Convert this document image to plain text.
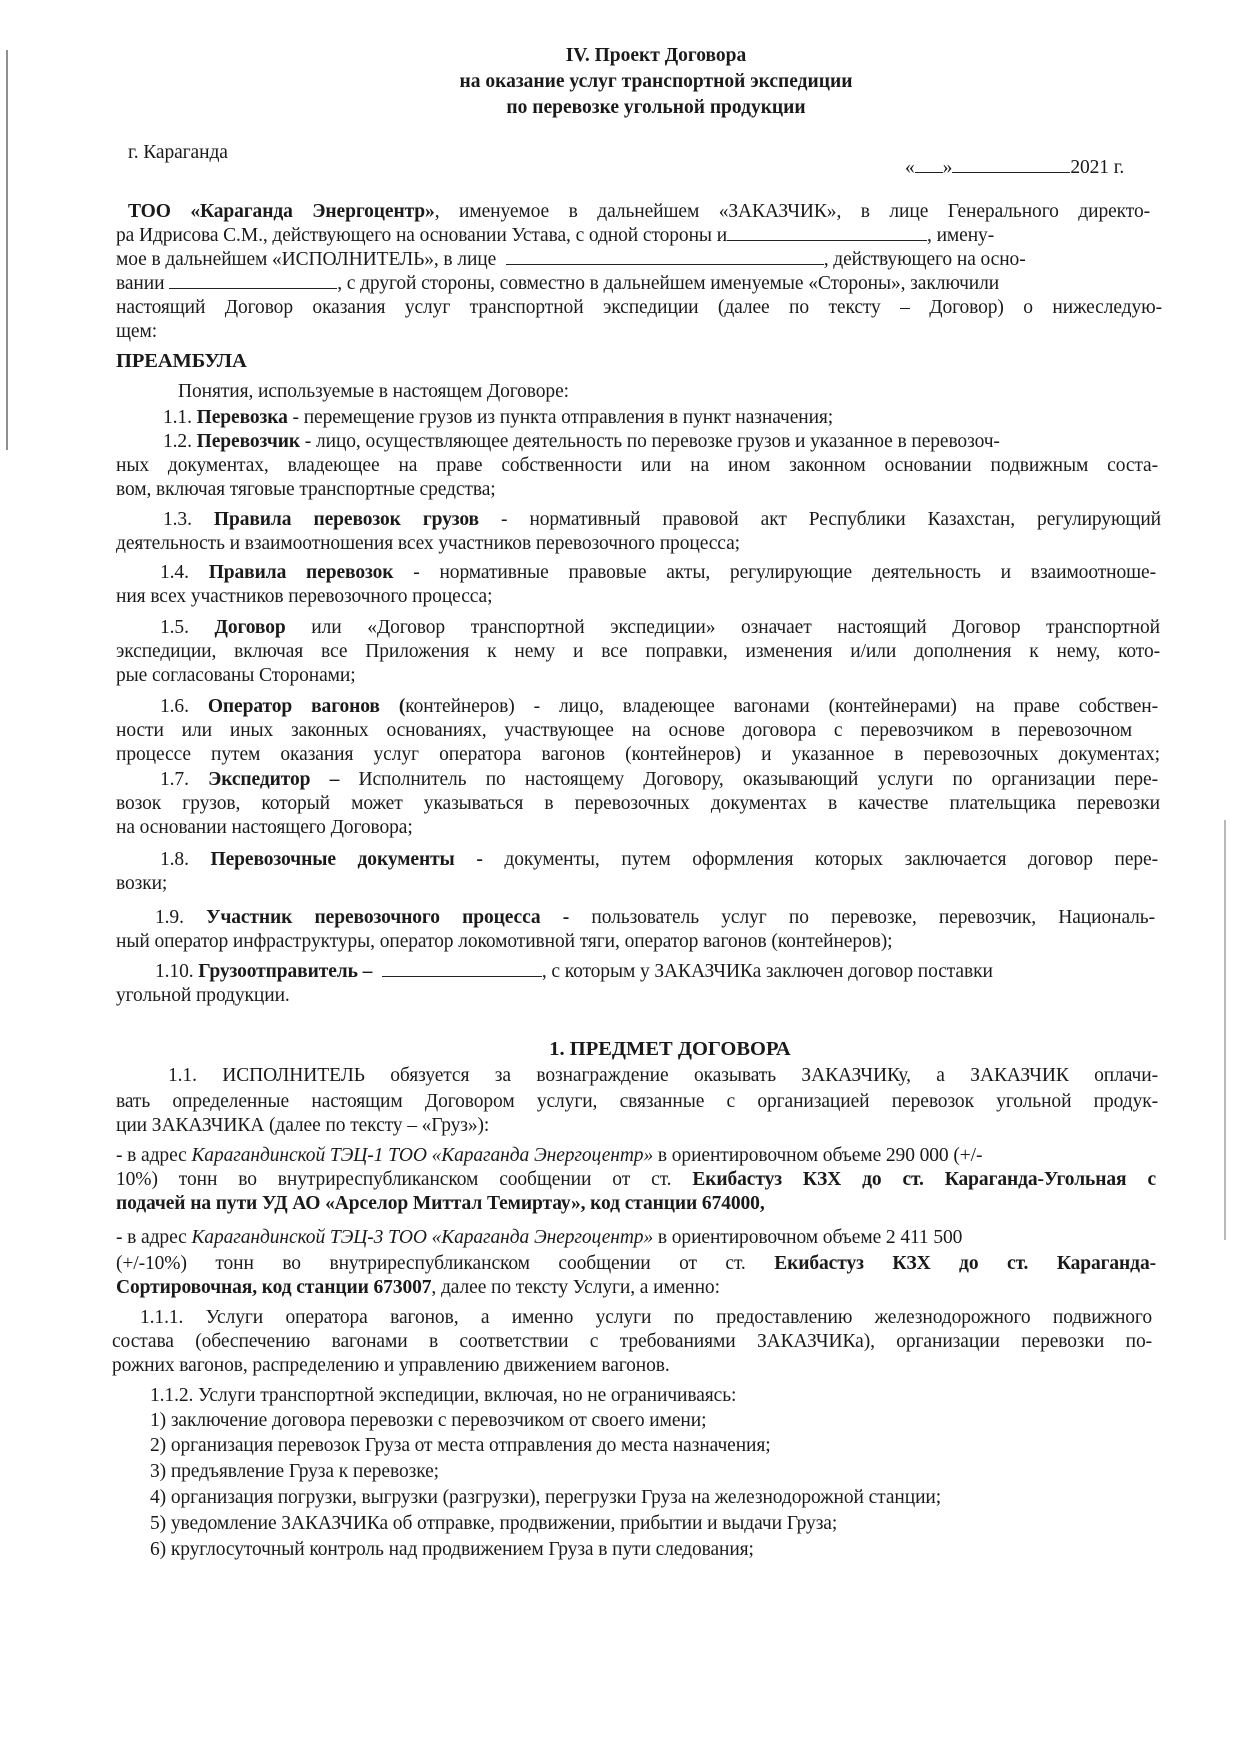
IV. Проект Договора
на оказание услуг транспортной экспедиции
по перевозке угольной продукции
г. Караганда
« »	2021 г.
ТОО «Караганда Энергоцентр», именуемое в дальнейшем «ЗАКАЗЧИК», в лице Генерального директо-
ра Идрисова С.М., действующего на основании Устава, с одной стороны и	, имену-
мое в дальнейшем «ИСПОЛНИТЕЛЬ», в лице	, действующего на осно-
вании	, с другой стороны, совместно в дальнейшем именуемые «Стороны», заключили
настоящий Договор оказания услуг транспортной экспедиции (далее по тексту – Договор) о нижеследую-
щем:
ПРЕАМБУЛА
Понятия, используемые в настоящем Договоре:
1.1. Перевозка - перемещение грузов из пункта отправления в пункт назначения;
1.2. Перевозчик - лицо, осуществляющее деятельность по перевозке грузов и указанное в перевозоч-
ных документах, владеющее на праве собственности или на ином законном основании подвижным соста-
вом, включая тяговые транспортные средства;
1.3. Правила перевозок грузов - нормативный правовой акт Республики Казахстан, регулирующий
деятельность и взаимоотношения всех участников перевозочного процесса;
1.4. Правила перевозок - нормативные правовые акты, регулирующие деятельность и взаимоотноше-
ния всех участников перевозочного процесса;
1.5. Договор или «Договор транспортной экспедиции» означает настоящий Договор транспортной
экспедиции, включая все Приложения к нему и все поправки, изменения и/или дополнения к нему, кото-
рые согласованы Сторонами;
1.6. Оператор вагонов (контейнеров) - лицо, владеющее вагонами (контейнерами) на праве собствен-
ности или иных законных основаниях, участвующее на основе договора с перевозчиком в перевозочном
процессе путем оказания услуг оператора вагонов (контейнеров) и указанное в перевозочных документах;
1.7. Экспедитор – Исполнитель по настоящему Договору, оказывающий услуги по организации пере-
возок грузов, который может указываться в перевозочных документах в качестве плательщика перевозки
на основании настоящего Договора;
1.8. Перевозочные документы - документы, путем оформления которых заключается договор пере-
возки;
1.9. Участник перевозочного процесса - пользователь услуг по перевозке, перевозчик, Националь-
ный оператор инфраструктуры, оператор локомотивной тяги, оператор вагонов (контейнеров);
1.10. Грузоотправитель –	, с которым у ЗАКАЗЧИКа заключен договор поставки
угольной продукции.
1. ПРЕДМЕТ ДОГОВОРА
1.1. ИСПОЛНИТЕЛЬ обязуется за вознаграждение оказывать ЗАКАЗЧИКу, а ЗАКАЗЧИК оплачи-
вать определенные настоящим Договором услуги, связанные с организацией перевозок угольной продук-
ции ЗАКАЗЧИКА (далее по тексту – «Груз»):
- в адрес Карагандинской ТЭЦ-1 ТОО «Караганда Энергоцентр» в ориентировочном объеме 290 000 (+/-
10%) тонн во внутриреспубликанском сообщении от ст. Екибастуз КЗХ до ст. Караганда-Угольная с
подачей на пути УД АО «Арселор Миттал Темиртау», код станции 674000,
- в адрес Карагандинской ТЭЦ-3 ТОО «Караганда Энергоцентр» в ориентировочном объеме 2 411 500
(+/-10%) тонн во внутриреспубликанском сообщении от ст. Екибастуз КЗХ до ст. Караганда-
Сортировочная, код станции 673007, далее по тексту Услуги, а именно:
1.1.1. Услуги оператора вагонов, а именно услуги по предоставлению железнодорожного подвижного
состава (обеспечению вагонами в соответствии с требованиями ЗАКАЗЧИКа), организации перевозки по-
рожних вагонов, распределению и управлению движением вагонов.
1.1.2. Услуги транспортной экспедиции, включая, но не ограничиваясь:
1) заключение договора перевозки с перевозчиком от своего имени;
2) организация перевозок Груза от места отправления до места назначения;
3) предъявление Груза к перевозке;
4) организация погрузки, выгрузки (разгрузки), перегрузки Груза на железнодорожной станции;
5) уведомление ЗАКАЗЧИКа об отправке, продвижении, прибытии и выдачи Груза;
6) круглосуточный контроль над продвижением Груза в пути следования;
